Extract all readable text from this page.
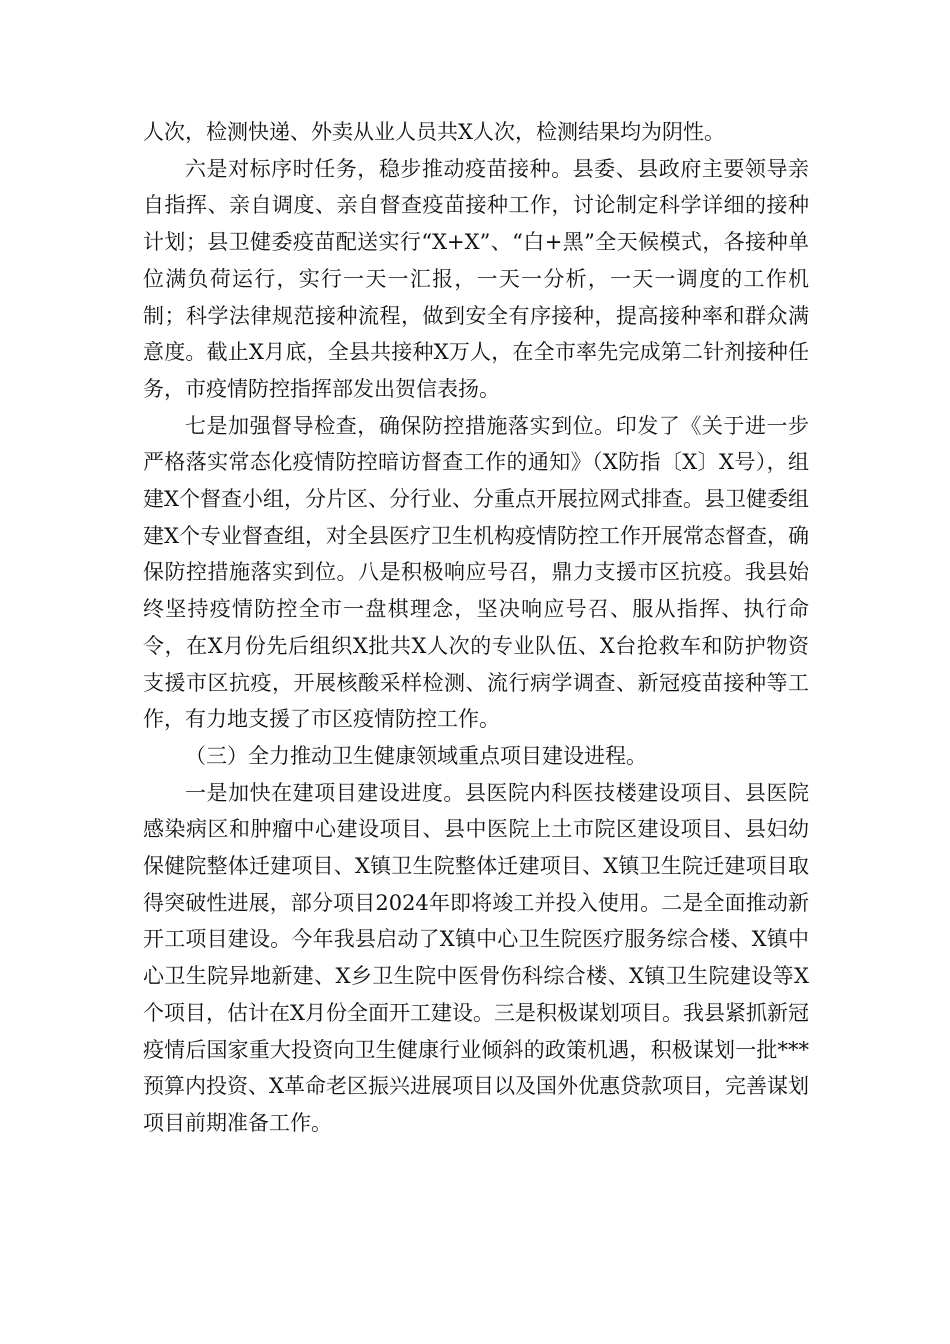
人次，检测快递、外卖从业人员共X人次，检测结果均为阴性。

六是对标序时任务，稳步推动疫苗接种。县委、县政府主要领导亲自指挥、亲自调度、亲自督查疫苗接种工作，讨论制定科学详细的接种计划；县卫健委疫苗配送实行“X+X”、“白+黑”全天候模式，各接种单位满负荷运行，实行一天一汇报，一天一分析，一天一调度的工作机制；科学法律规范接种流程，做到安全有序接种，提高接种率和群众满意度。截止X月底，全县共接种X万人，在全市率先完成第二针剂接种任务，市疫情防控指挥部发出贺信表扬。

七是加强督导检查，确保防控措施落实到位。印发了《关于进一步严格落实常态化疫情防控暗访督查工作的通知》（X防指〔X〕X号），组建X个督查小组，分片区、分行业、分重点开展拉网式排查。县卫健委组建X个专业督查组，对全县医疗卫生机构疫情防控工作开展常态督查，确保防控措施落实到位。八是积极响应号召，鼎力支援市区抗疫。我县始终坚持疫情防控全市一盘棋理念，坚决响应号召、服从指挥、执行命令，在X月份先后组织X批共X人次的专业队伍、X台抢救车和防护物资支援市区抗疫，开展核酸采样检测、流行病学调查、新冠疫苗接种等工作，有力地支援了市区疫情防控工作。

（三）全力推动卫生健康领域重点项目建设进程。

一是加快在建项目建设进度。县医院内科医技楼建设项目、县医院感染病区和肿瘤中心建设项目、县中医院上土市院区建设项目、县妇幼保健院整体迁建项目、X镇卫生院整体迁建项目、X镇卫生院迁建项目取得突破性进展，部分项目2024年即将竣工并投入使用。二是全面推动新开工项目建设。今年我县启动了X镇中心卫生院医疗服务综合楼、X镇中心卫生院异地新建、X乡卫生院中医骨伤科综合楼、X镇卫生院建设等X个项目，估计在X月份全面开工建设。三是积极谋划项目。我县紧抓新冠疫情后国家重大投资向卫生健康行业倾斜的政策机遇，积极谋划一批***预算内投资、X革命老区振兴进展项目以及国外优惠贷款项目，完善谋划项目前期准备工作。
